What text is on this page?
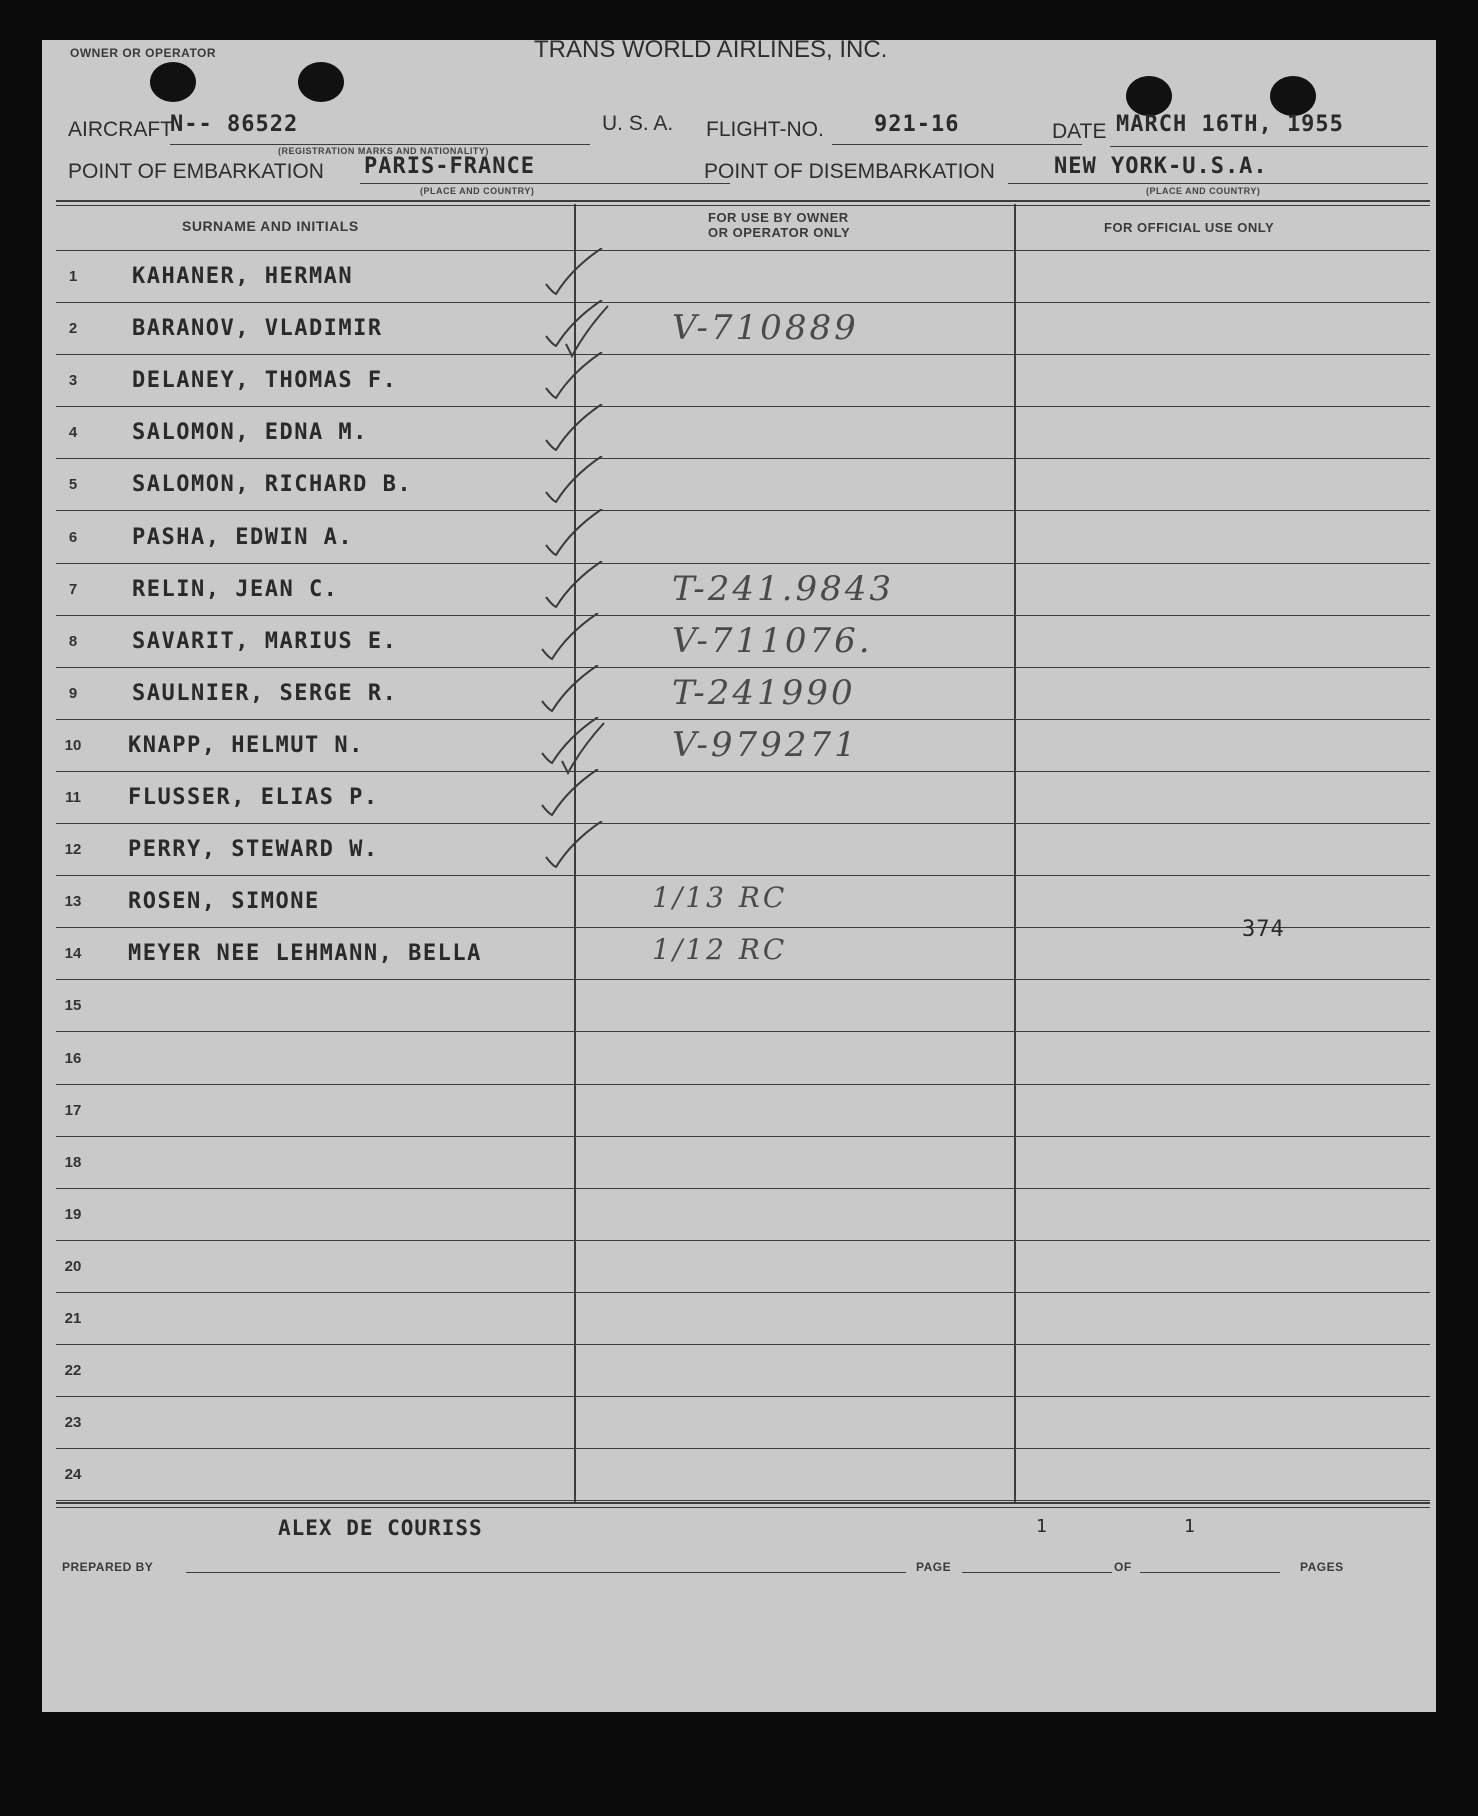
OWNER OR OPERATOR	TRANS WORLD AIRLINES, INC.
AIRCRAFT
N-- 86522
(REGISTRATION MARKS AND NATIONALITY)
U. S. A. FLIGHT-NO. 921-16	DATE MARCH 16TH, 1955
POINT OF EMBARKATION PARIS-FRANCE
(PLACE AND COUNTRY)
POINT OF DISEMBARKATION	NEW YORK-U.S.A.
(PLACE AND COUNTRY)
SURNAME AND INITIALS
FOR USE BY OWNER
OR OPERATOR ONLY	FOR OFFICIAL USE ONLY
1	KAHANER, HERMAN
2	BARANOV, VLADIMIR	V-710889
3	DELANEY, THOMAS F.
4	SALOMON, EDNA M.
5	SALOMON, RICHARD B.
6	PASHA, EDWIN A.
7	RELIN, JEAN C.	T-241.9843
8	SAVARIT, MARIUS E.	V-711076.
9	SAULNIER, SERGE R.	T-241990
10	KNAPP, HELMUT N.	V-979271
11	FLUSSER, ELIAS P.
12	PERRY, STEWARD W.
13	ROSEN, SIMONE	1/13 RC
14	MEYER NEE LEHMANN, BELLA	1/12 RC
374
15
16
17
18
19
20
21
22
23
24
ALEX DE COURISS
PREPARED BY	PAGE
1
OF
1
PAGES
